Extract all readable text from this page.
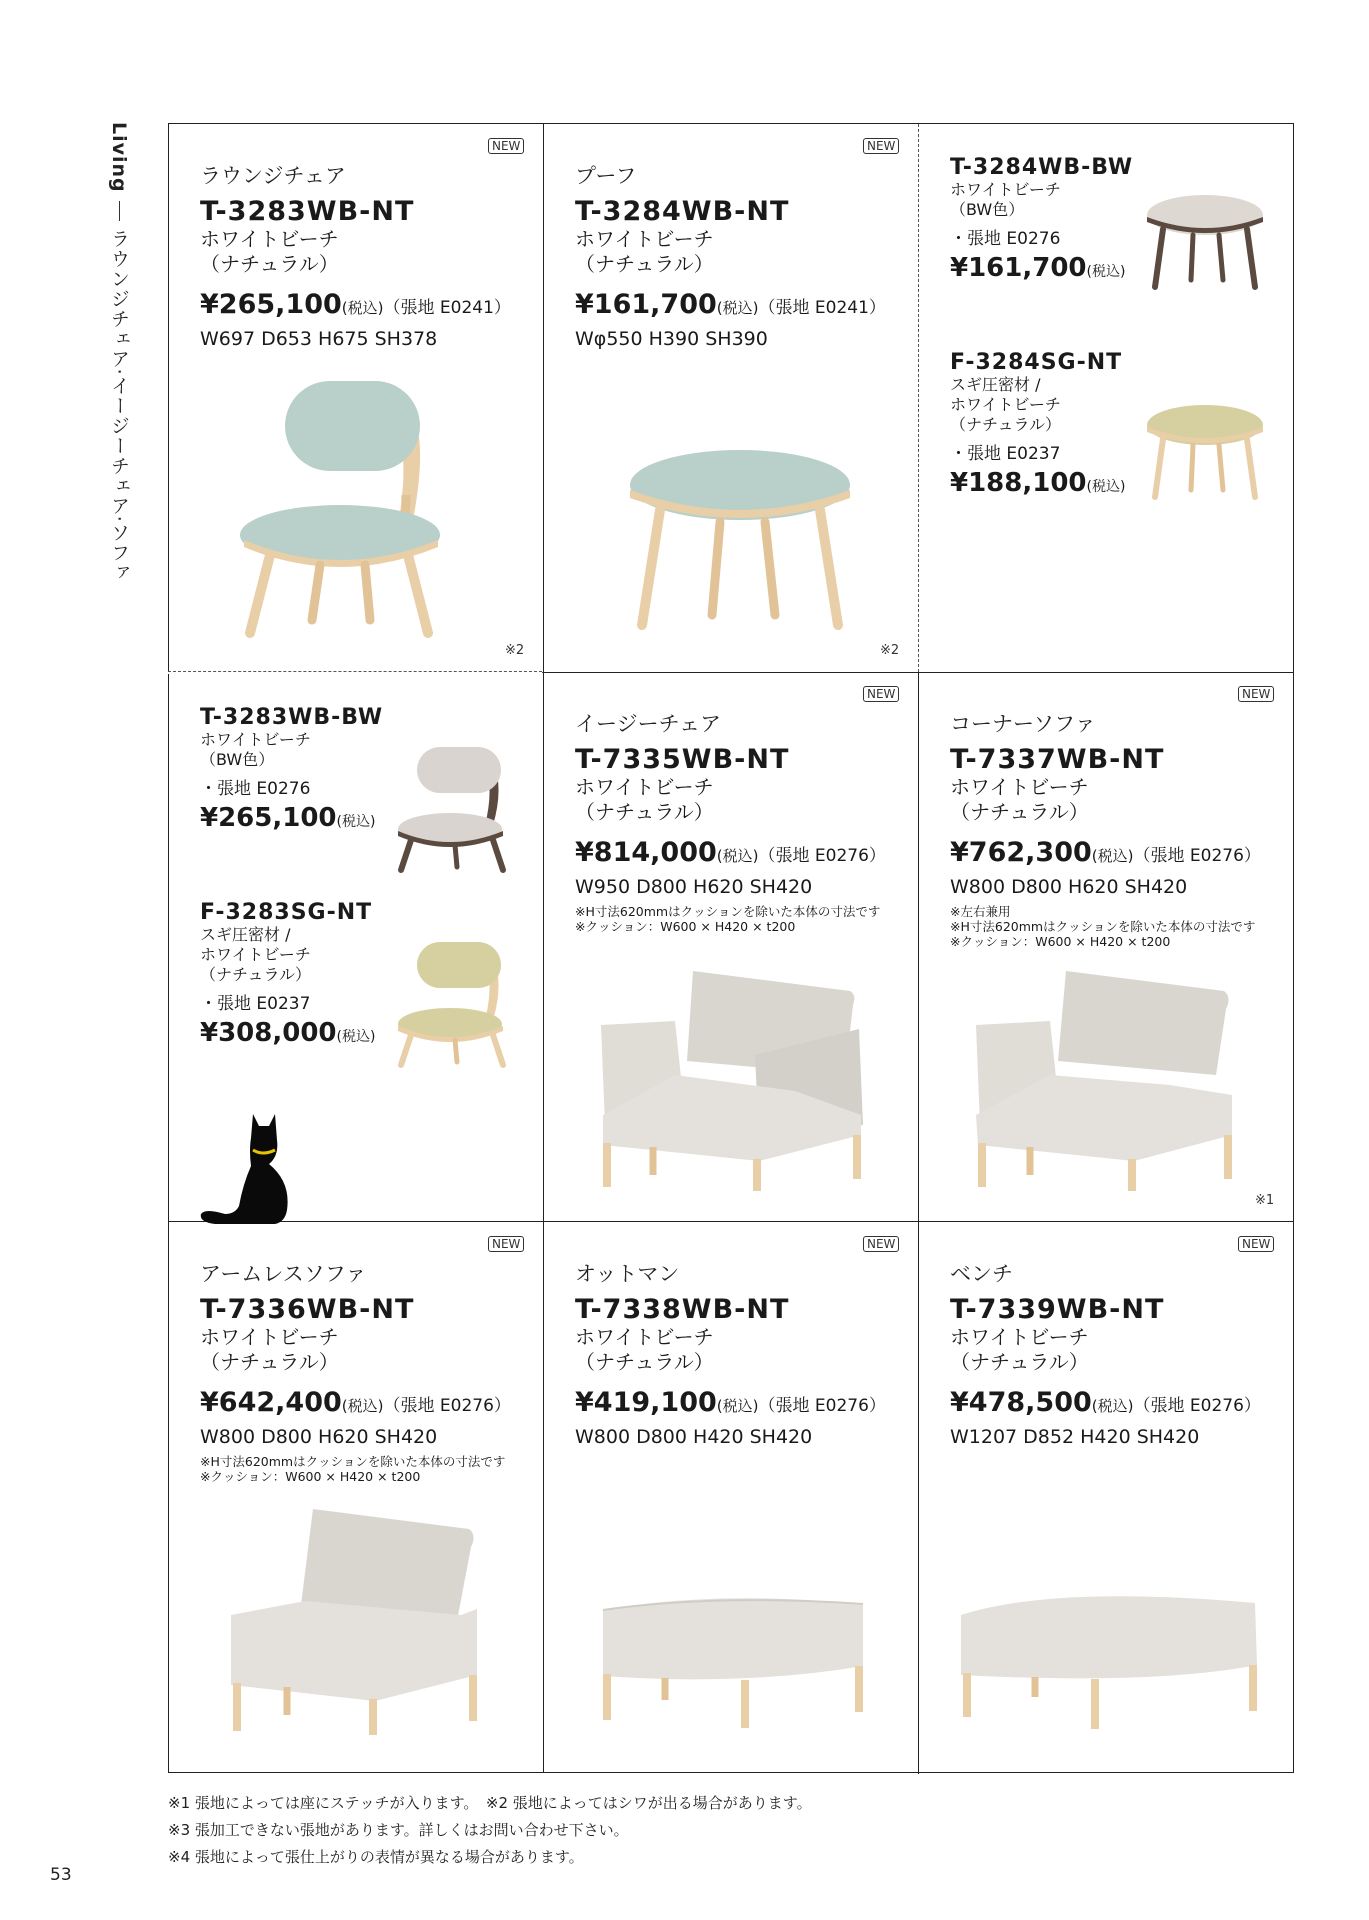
Livingラウンジチェア·イージーチェア·ソファ
NEW
ラウンジチェア
T-3283WB-NT
ホワイトビーチ
（ナチュラル）
¥265,100(税込)（張地 E0241）
W697 D653 H675 SH378
※2
NEW
プーフ
T-3284WB-NT
ホワイトビーチ
（ナチュラル）
¥161,700(税込)（張地 E0241）
Wφ550 H390 SH390
※2
T-3284WB-BW
ホワイトビーチ
（BW色）
・張地 E0276
¥161,700(税込)
F-3284SG-NT
スギ圧密材 /
ホワイトビーチ
（ナチュラル）
・張地 E0237
¥188,100(税込)
T-3283WB-BW
ホワイトビーチ
（BW色）
・張地 E0276
¥265,100(税込)
F-3283SG-NT
スギ圧密材 /
ホワイトビーチ
（ナチュラル）
・張地 E0237
¥308,000(税込)
NEW
イージーチェア
T-7335WB-NT
ホワイトビーチ
（ナチュラル）
¥814,000(税込)（張地 E0276）
W950 D800 H620 SH420
※H寸法620mmはクッションを除いた本体の寸法です
※クッション：W600 × H420 × t200
NEW
コーナーソファ
T-7337WB-NT
ホワイトビーチ
（ナチュラル）
¥762,300(税込)（張地 E0276）
W800 D800 H620 SH420
※左右兼用
※H寸法620mmはクッションを除いた本体の寸法です
※クッション：W600 × H420 × t200
※1
NEW
アームレスソファ
T-7336WB-NT
ホワイトビーチ
（ナチュラル）
¥642,400(税込)（張地 E0276）
W800 D800 H620 SH420
※H寸法620mmはクッションを除いた本体の寸法です
※クッション：W600 × H420 × t200
NEW
オットマン
T-7338WB-NT
ホワイトビーチ
（ナチュラル）
¥419,100(税込)（張地 E0276）
W800 D800 H420 SH420
NEW
ベンチ
T-7339WB-NT
ホワイトビーチ
（ナチュラル）
¥478,500(税込)（張地 E0276）
W1207 D852 H420 SH420
※1 張地によっては座にステッチが入ります。　 ※2 張地によってはシワが出る場合があります。
※3 張加工できない張地があります。詳しくはお問い合わせ下さい。
※4 張地によって張仕上がりの表情が異なる場合があります。
53
